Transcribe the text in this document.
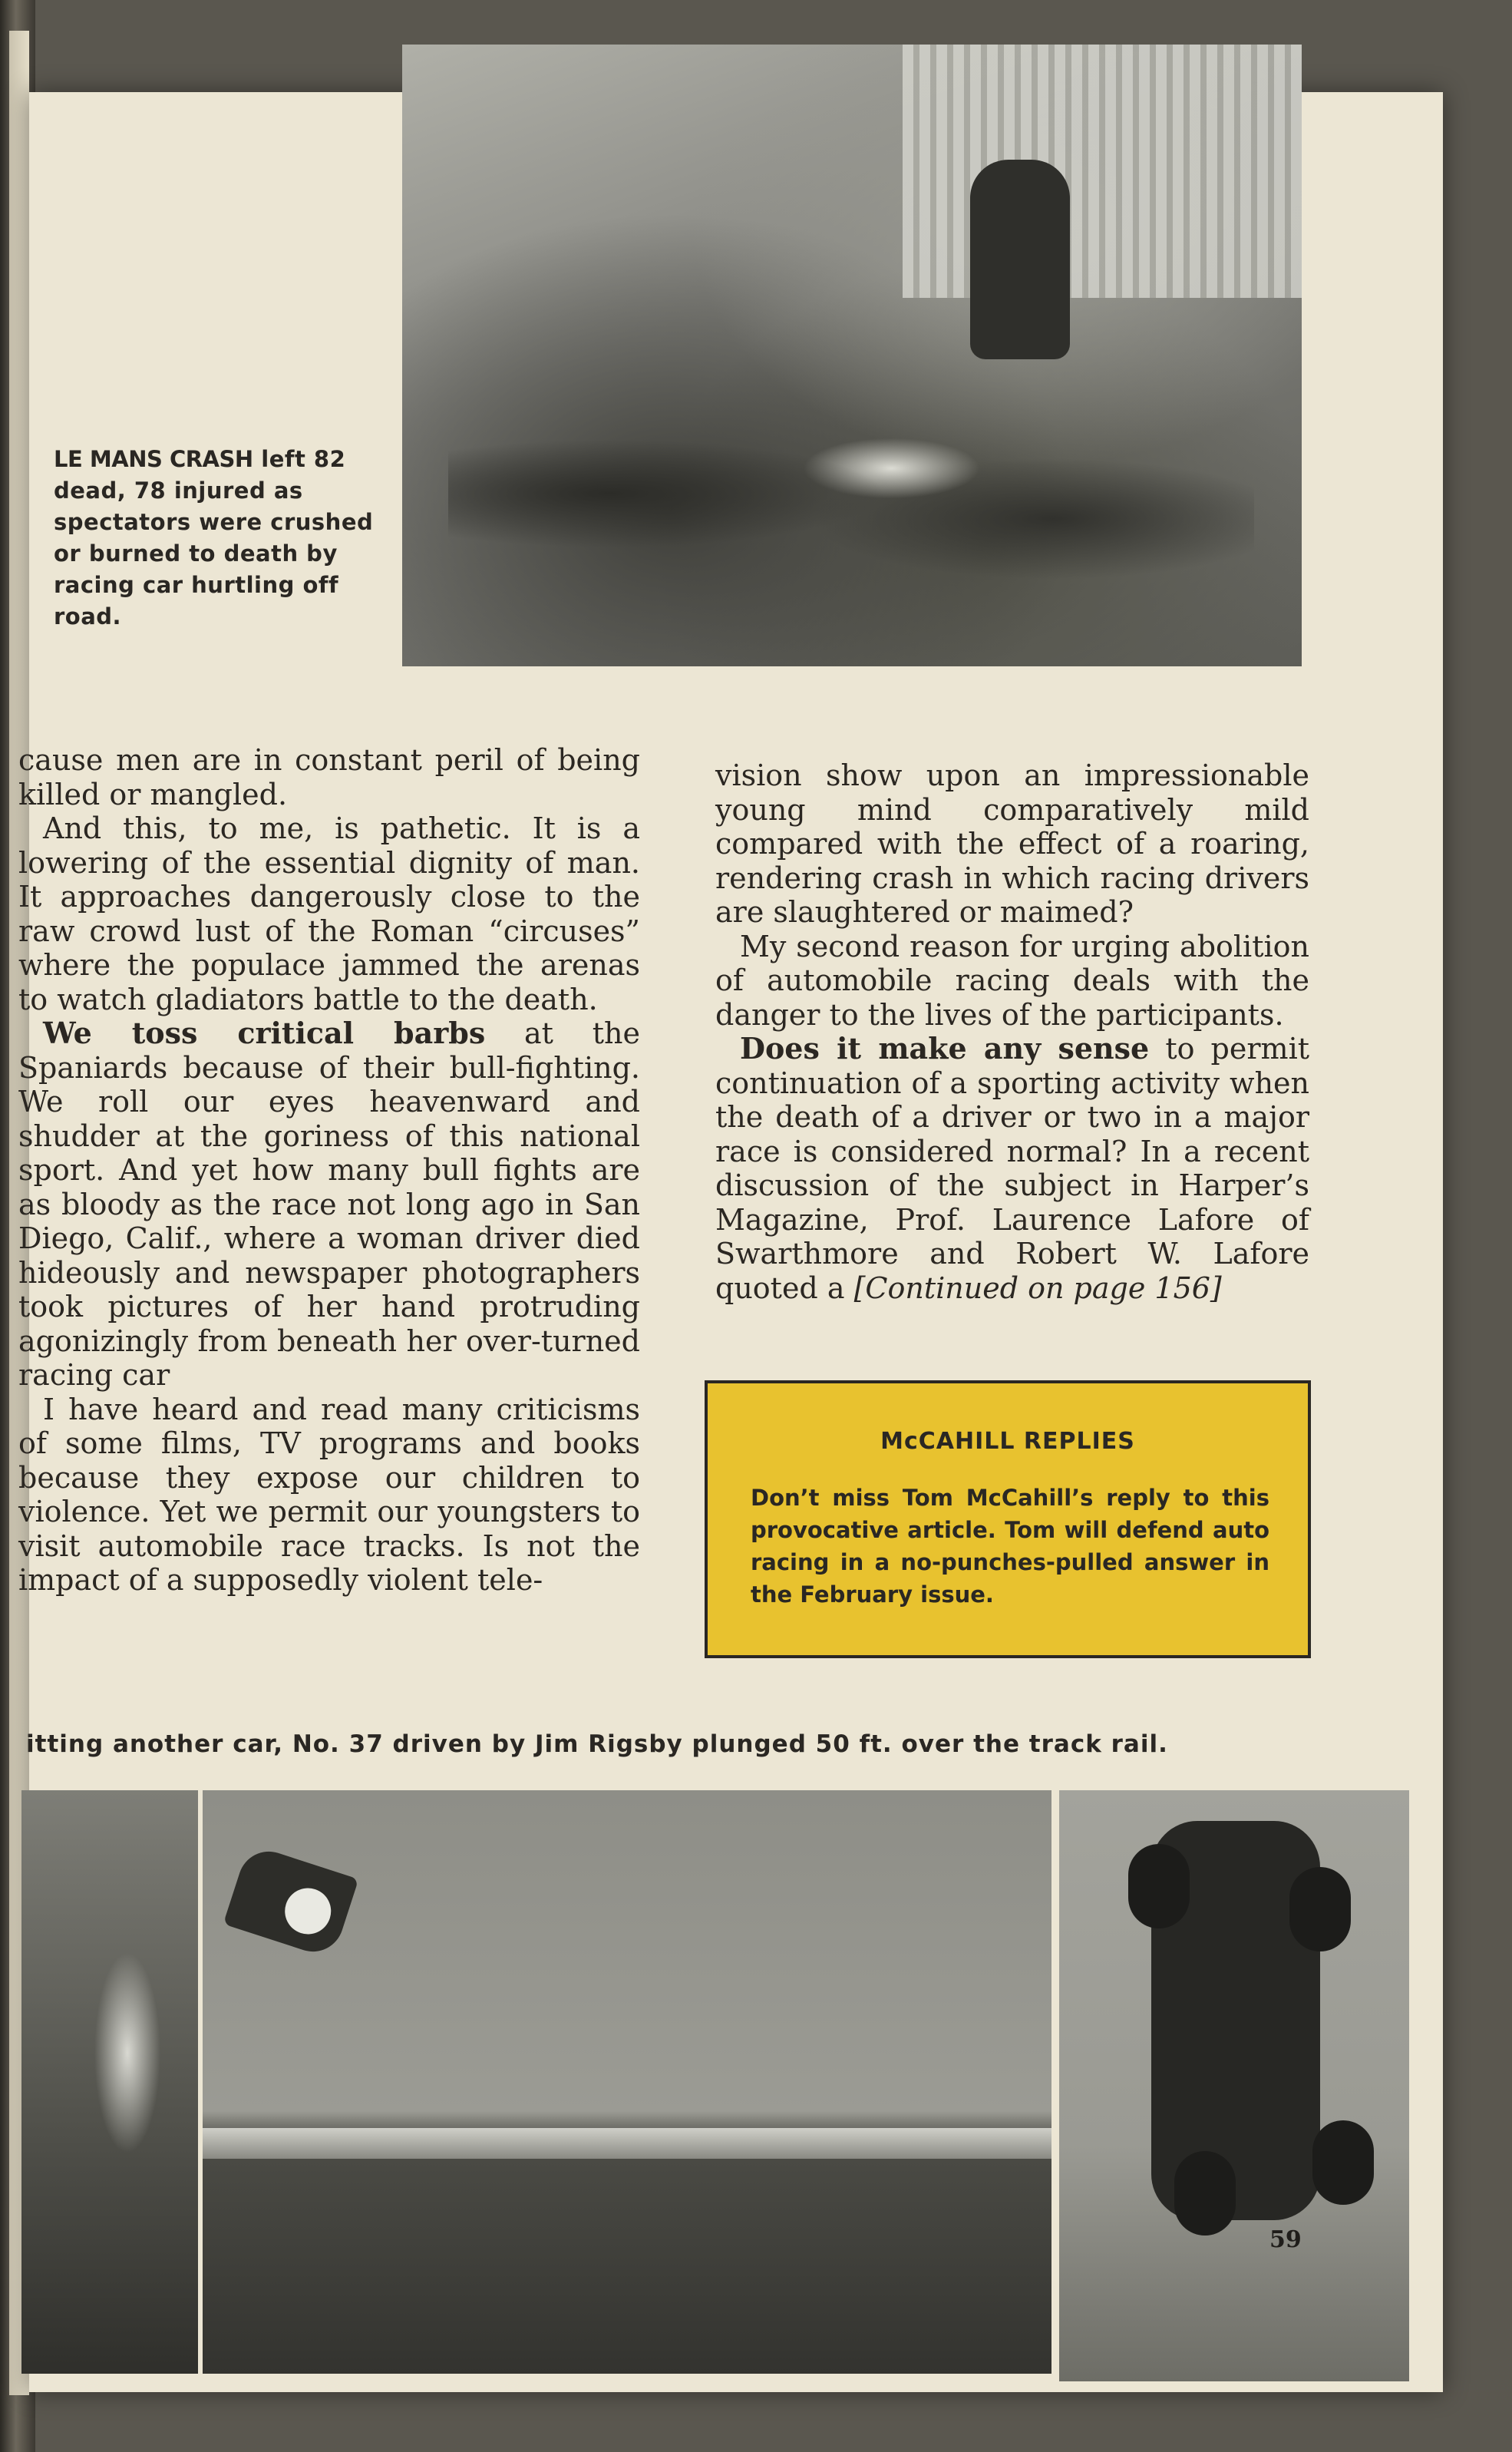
LE MANS CRASH left 82 dead, 78 injured as spectators were crushed or burned to death by racing car hurtling off road.

cause men are in constant peril of being killed or mangled.

And this, to me, is pathetic. It is a lowering of the essential dignity of man. It approaches dangerously close to the raw crowd lust of the Roman “circuses” where the populace jammed the arenas to watch gladiators battle to the death.

We toss critical barbs at the Spaniards because of their bull-fighting. We roll our eyes heavenward and shudder at the goriness of this national sport. And yet how many bull fights are as bloody as the race not long ago in San Diego, Calif., where a woman driver died hideously and newspaper photographers took pictures of her hand protruding agonizingly from beneath her over-turned racing car

I have heard and read many criticisms of some films, TV programs and books because they expose our children to violence. Yet we permit our youngsters to visit automobile race tracks. Is not the impact of a supposedly violent tele-

vision show upon an impressionable young mind comparatively mild compared with the effect of a roaring, rendering crash in which racing drivers are slaughtered or maimed?

My second reason for urging abolition of automobile racing deals with the danger to the lives of the participants.

Does it make any sense to permit continuation of a sporting activity when the death of a driver or two in a major race is considered normal? In a recent discussion of the subject in Harper’s Magazine, Prof. Laurence Lafore of Swarthmore and Robert W. Lafore quoted a [Continued on page 156]

McCAHILL REPLIES
Don’t miss Tom McCahill’s reply to this provocative article. Tom will defend auto racing in a no-punches-pulled answer in the February issue.
itting another car, No. 37 driven by Jim Rigsby plunged 50 ft. over the track rail.
59
